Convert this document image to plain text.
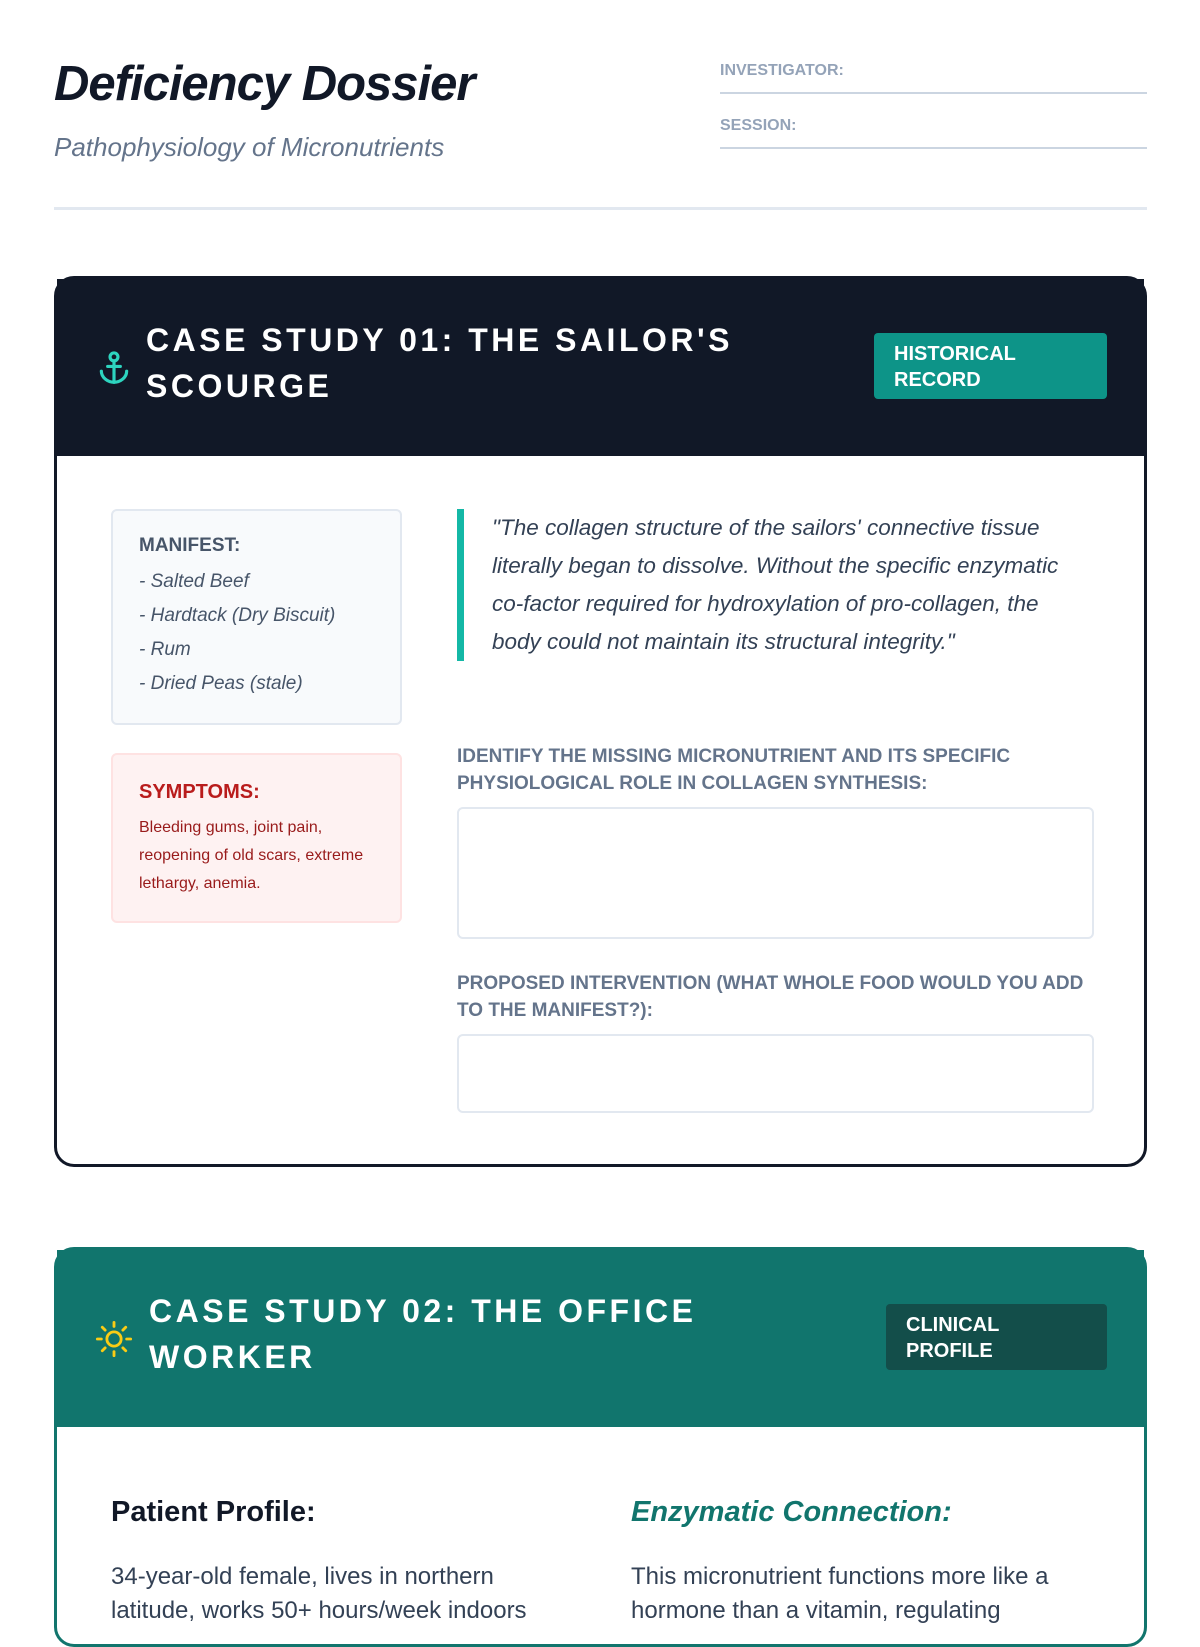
Deficiency Dossier
Pathophysiology of Micronutrients
INVESTIGATOR:
SESSION:
CASE STUDY 01: THE SAILOR'S SCOURGE
HISTORICAL RECORD
MANIFEST:
- Salted Beef
- Hardtack (Dry Biscuit)
- Rum
- Dried Peas (stale)
SYMPTOMS:
Bleeding gums, joint pain, reopening of old scars, extreme lethargy, anemia.
"The collagen structure of the sailors' connective tissue literally began to dissolve. Without the specific enzymatic co-factor required for hydroxylation of pro-collagen, the body could not maintain its structural integrity."
IDENTIFY THE MISSING MICRONUTRIENT AND ITS SPECIFIC PHYSIOLOGICAL ROLE IN COLLAGEN SYNTHESIS:
PROPOSED INTERVENTION (WHAT WHOLE FOOD WOULD YOU ADD TO THE MANIFEST?):
CASE STUDY 02: THE OFFICE WORKER
CLINICAL PROFILE
Patient Profile:

34-year-old female, lives in northern latitude, works 50+ hours/week indoors

Enzymatic Connection:

This micronutrient functions more like a hormone than a vitamin, regulating
